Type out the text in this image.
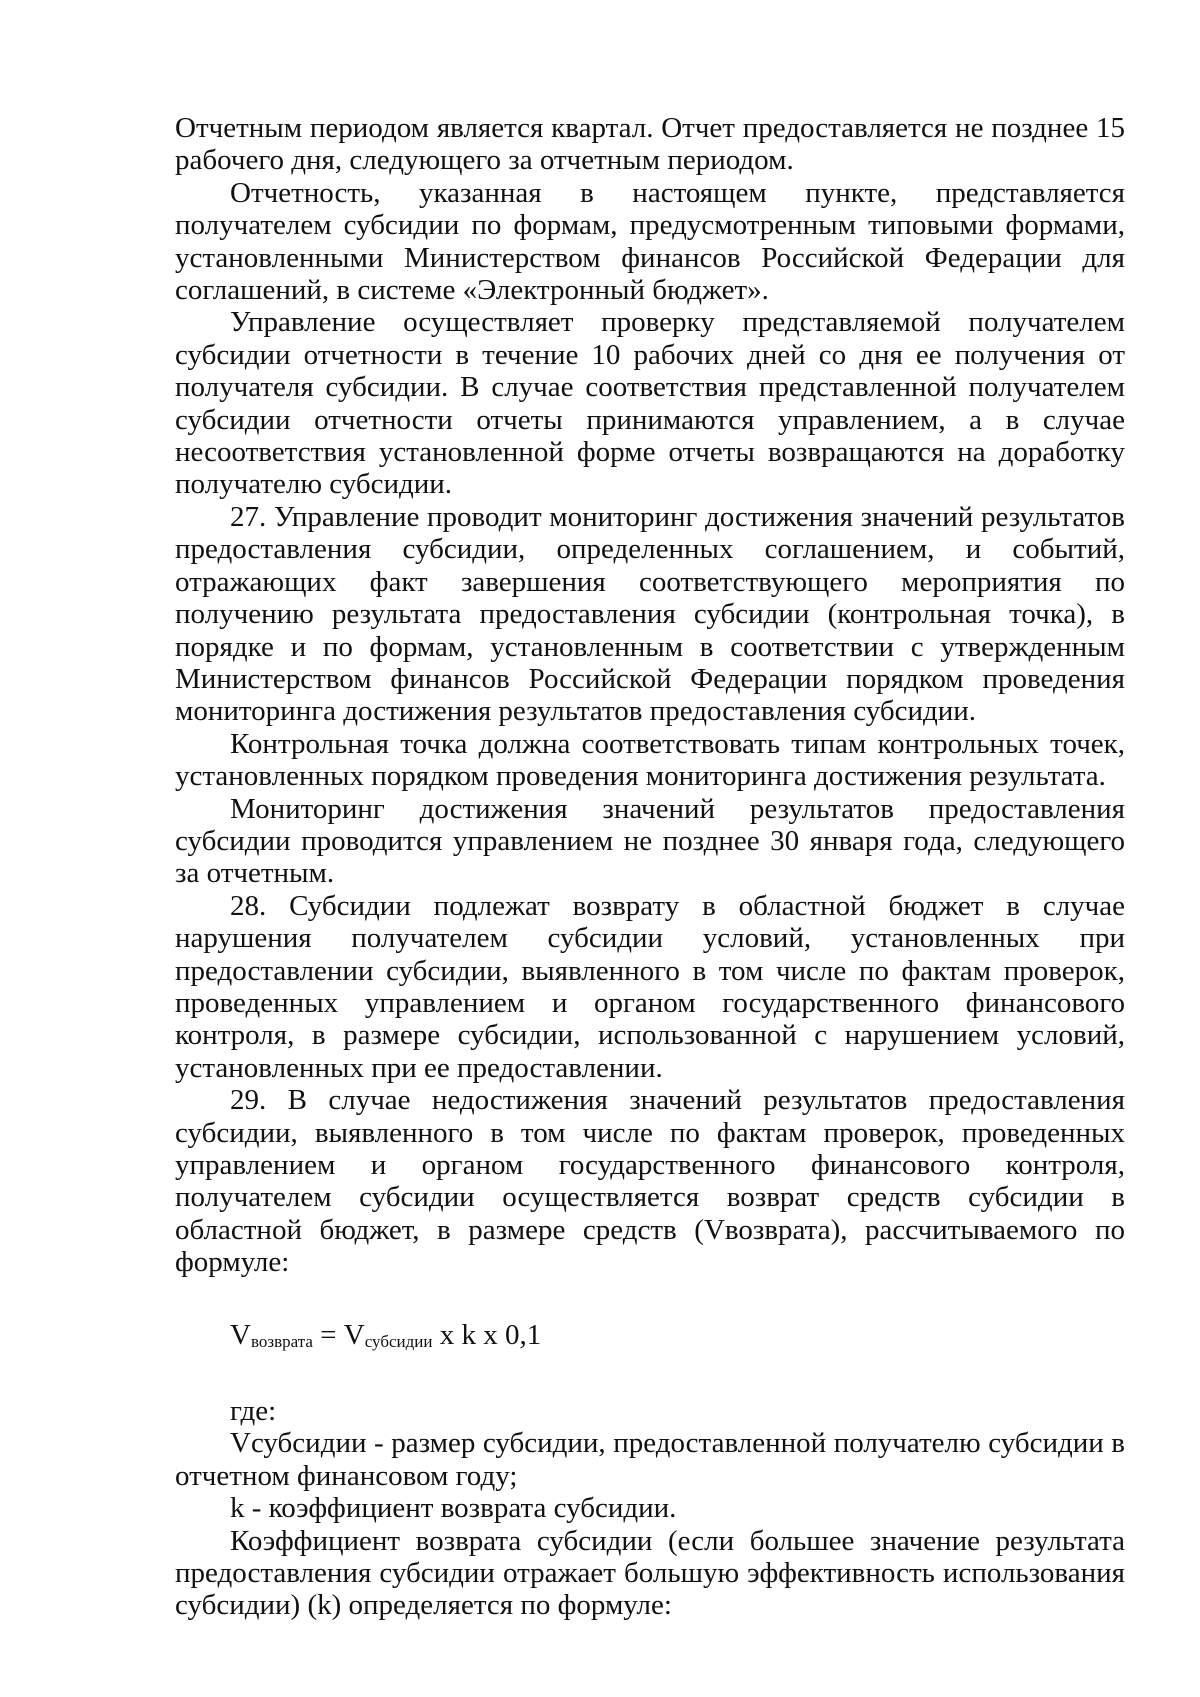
Отчетным периодом является квартал. Отчет предоставляется не позднее 15 рабочего дня, следующего за отчетным периодом.

Отчетность, указанная в настоящем пункте, представляется получателем субсидии по формам, предусмотренным типовыми формами, установленными Министерством финансов Российской Федерации для соглашений, в системе «Электронный бюджет».

Управление осуществляет проверку представляемой получателем субсидии отчетности в течение 10 рабочих дней со дня ее получения от получателя субсидии. В случае соответствия представленной получателем субсидии отчетности отчеты принимаются управлением, а в случае несоответствия установленной форме отчеты возвращаются на доработку получателю субсидии.

27. Управление проводит мониторинг достижения значений результатов предоставления субсидии, определенных соглашением, и событий, отражающих факт завершения соответствующего мероприятия по получению результата предоставления субсидии (контрольная точка), в порядке и по формам, установленным в соответствии с утвержденным Министерством финансов Российской Федерации порядком проведения мониторинга достижения результатов предоставления субсидии.

Контрольная точка должна соответствовать типам контрольных точек, установленных порядком проведения мониторинга достижения результата.

Мониторинг достижения значений результатов предоставления субсидии проводится управлением не позднее 30 января года, следующего за отчетным.

28. Субсидии подлежат возврату в областной бюджет в случае нарушения получателем субсидии условий, установленных при предоставлении субсидии, выявленного в том числе по фактам проверок, проведенных управлением и органом государственного финансового контроля, в размере субсидии, использованной с нарушением условий, установленных при ее предоставлении.

29. В случае недостижения значений результатов предоставления субсидии, выявленного в том числе по фактам проверок, проведенных управлением и органом государственного финансового контроля, получателем субсидии осуществляется возврат средств субсидии в областной бюджет, в размере средств (Vвозврата), рассчитываемого по формуле:

Vвозврата = Vсубсидии x k x 0,1

где:

Vсубсидии - размер субсидии, предоставленной получателю субсидии в отчетном финансовом году;

k - коэффициент возврата субсидии.

Коэффициент возврата субсидии (если большее значение результата предоставления субсидии отражает большую эффективность использования субсидии) (k) определяется по формуле:
